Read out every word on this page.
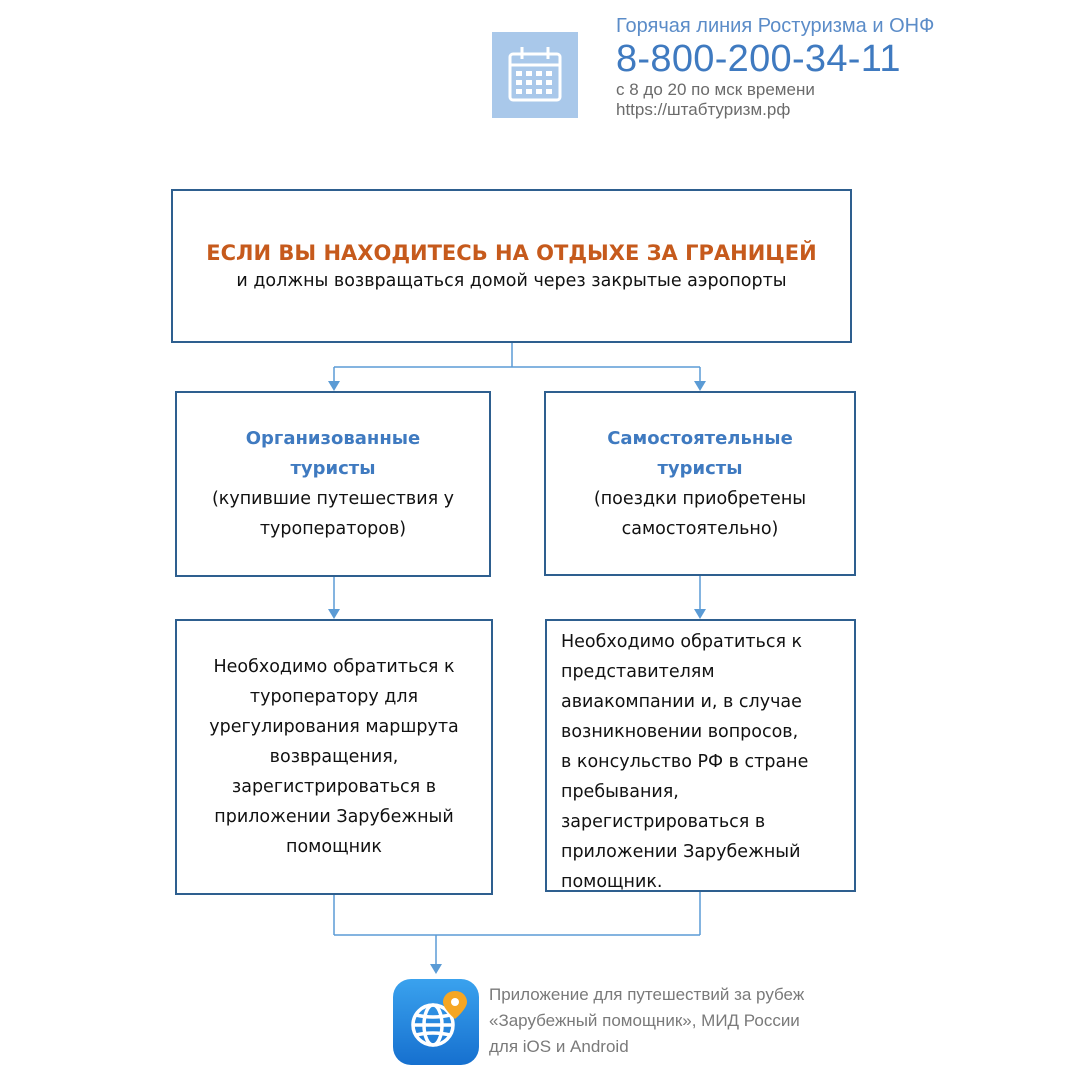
Горячая линия Ростуризма и ОНФ
8-800-200-34-11
с 8 до 20 по мск времени
https://штабтуризм.рф
ЕСЛИ ВЫ НАХОДИТЕСЬ НА ОТДЫХЕ ЗА ГРАНИЦЕЙ
и должны возвращаться домой через закрытые аэропорты
Организованные
туристы
(купившие путешествия у
туроператоров)
Самостоятельные
туристы
(поездки приобретены
самостоятельно)
Необходимо обратиться к
туроператору для
урегулирования маршрута
возвращения,
зарегистрироваться в
приложении Зарубежный
помощник
Необходимо обратиться к
представителям
авиакомпании и, в случае
возникновении вопросов,
в консульство РФ в стране
пребывания,
зарегистрироваться в
приложении Зарубежный
помощник.
Приложение для путешествий за рубеж
«Зарубежный помощник», МИД России
для iOS и Android
